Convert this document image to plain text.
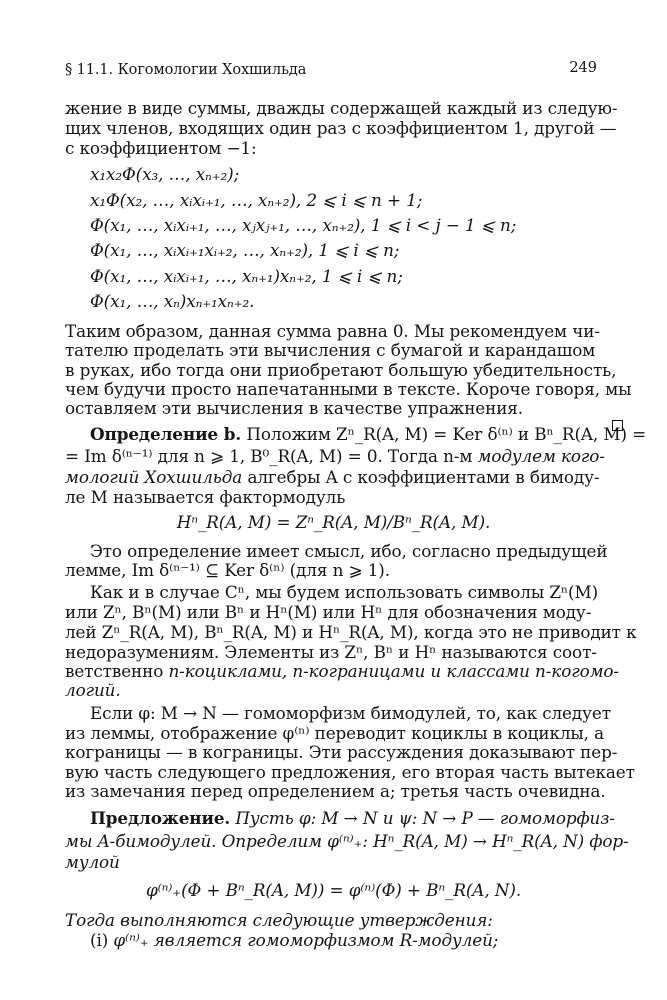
§ 11.1. Когомологии Хохшильда	249
жение в виде суммы, дважды содержащей каждый из следую-
щих членов, входящих один раз с коэффициентом 1, другой —
с коэффициентом −1:
x₁x₂Φ(x₃, …, xₙ₊₂);
x₁Φ(x₂, …, xᵢxᵢ₊₁, …, xₙ₊₂), 2 ⩽ i ⩽ n + 1;
Φ(x₁, …, xᵢxᵢ₊₁, …, xⱼxⱼ₊₁, …, xₙ₊₂), 1 ⩽ i < j − 1 ⩽ n;
Φ(x₁, …, xᵢxᵢ₊₁xᵢ₊₂, …, xₙ₊₂), 1 ⩽ i ⩽ n;
Φ(x₁, …, xᵢxᵢ₊₁, …, xₙ₊₁)xₙ₊₂, 1 ⩽ i ⩽ n;
Φ(x₁, …, xₙ)xₙ₊₁xₙ₊₂.
Таким образом, данная сумма равна 0. Мы рекомендуем чи-
тателю проделать эти вычисления с бумагой и карандашом
в руках, ибо тогда они приобретают большую убедительность,
чем будучи просто напечатанными в тексте. Короче говоря, мы
оставляем эти вычисления в качестве упражнения.
Определение b. Положим Zⁿ_R(A, M) = Ker δ⁽ⁿ⁾ и Bⁿ_R(A, M) =
= Im δ⁽ⁿ⁻¹⁾ для n ⩾ 1, B⁰_R(A, M) = 0. Тогда n-м модулем кого-
мологий Хохшильда алгебры A с коэффициентами в бимоду-
ле M называется фактормодуль
Hⁿ_R(A, M) = Zⁿ_R(A, M)/Bⁿ_R(A, M).
Это определение имеет смысл, ибо, согласно предыдущей
лемме, Im δ⁽ⁿ⁻¹⁾ ⊆ Ker δ⁽ⁿ⁾ (для n ⩾ 1).
Как и в случае Cⁿ, мы будем использовать символы Zⁿ(M)
или Zⁿ, Bⁿ(M) или Bⁿ и Hⁿ(M) или Hⁿ для обозначения моду-
лей Zⁿ_R(A, M), Bⁿ_R(A, M) и Hⁿ_R(A, M), когда это не приводит к
недоразумениям. Элементы из Zⁿ, Bⁿ и Hⁿ называются соот-
ветственно n-коциклами, n-кограницами и классами n-когомо-
логий.
Если φ: M → N — гомоморфизм бимодулей, то, как следует
из леммы, отображение φ⁽ⁿ⁾ переводит коциклы в коциклы, а
кограницы — в кограницы. Эти рассуждения доказывают пер-
вую часть следующего предложения, его вторая часть вытекает
из замечания перед определением a; третья часть очевидна.
Предложение. Пусть φ: M → N и ψ: N → P — гомоморфиз-
мы A-бимодулей. Определим φ⁽ⁿ⁾₊: Hⁿ_R(A, M) → Hⁿ_R(A, N) фор-
мулой
φ⁽ⁿ⁾₊(Φ + Bⁿ_R(A, M)) = φ⁽ⁿ⁾(Φ) + Bⁿ_R(A, N).
Тогда выполняются следующие утверждения:
(i) φ⁽ⁿ⁾₊ является гомоморфизмом R-модулей;
